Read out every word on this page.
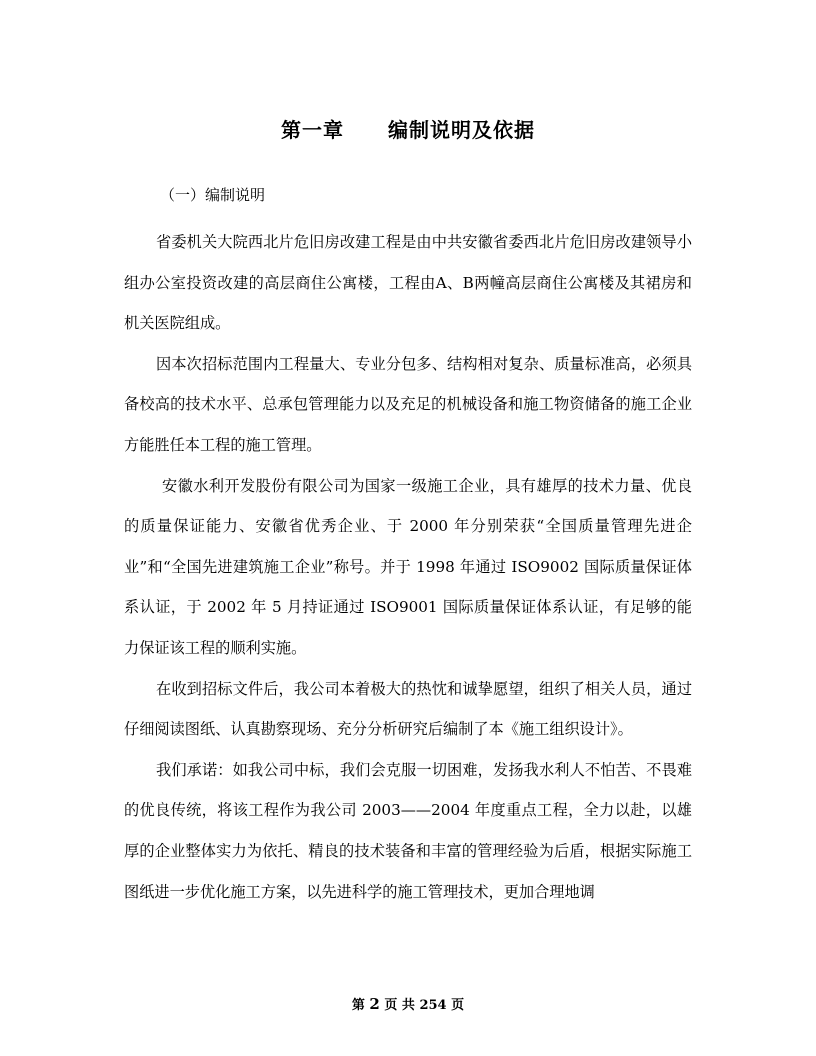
第一章 编制说明及依据
（一）编制说明

省委机关大院西北片危旧房改建工程是由中共安徽省委西北片危旧房改建领导小组办公室投资改建的高层商住公寓楼，工程由A、B两幢高层商住公寓楼及其裙房和机关医院组成。

因本次招标范围内工程量大、专业分包多、结构相对复杂、质量标准高，必须具备校高的技术水平、总承包管理能力以及充足的机械设备和施工物资储备的施工企业方能胜任本工程的施工管理。

安徽水利开发股份有限公司为国家一级施工企业，具有雄厚的技术力量、优良的质量保证能力、安徽省优秀企业、于 2000 年分别荣获“全国质量管理先进企业”和“全国先进建筑施工企业”称号。并于 1998 年通过 ISO9002 国际质量保证体系认证，于 2002 年 5 月持证通过 ISO9001 国际质量保证体系认证，有足够的能力保证该工程的顺利实施。

在收到招标文件后，我公司本着极大的热忱和诚挚愿望，组织了相关人员，通过仔细阅读图纸、认真勘察现场、充分分析研究后编制了本《施工组织设计》。

我们承诺：如我公司中标，我们会克服一切困难，发扬我水利人不怕苦、不畏难的优良传统，将该工程作为我公司 2003——2004 年度重点工程，全力以赴，以雄厚的企业整体实力为依托、精良的技术装备和丰富的管理经验为后盾，根据实际施工图纸进一步优化施工方案，以先进科学的施工管理技术，更加合理地调

第 2 页 共 254 页
